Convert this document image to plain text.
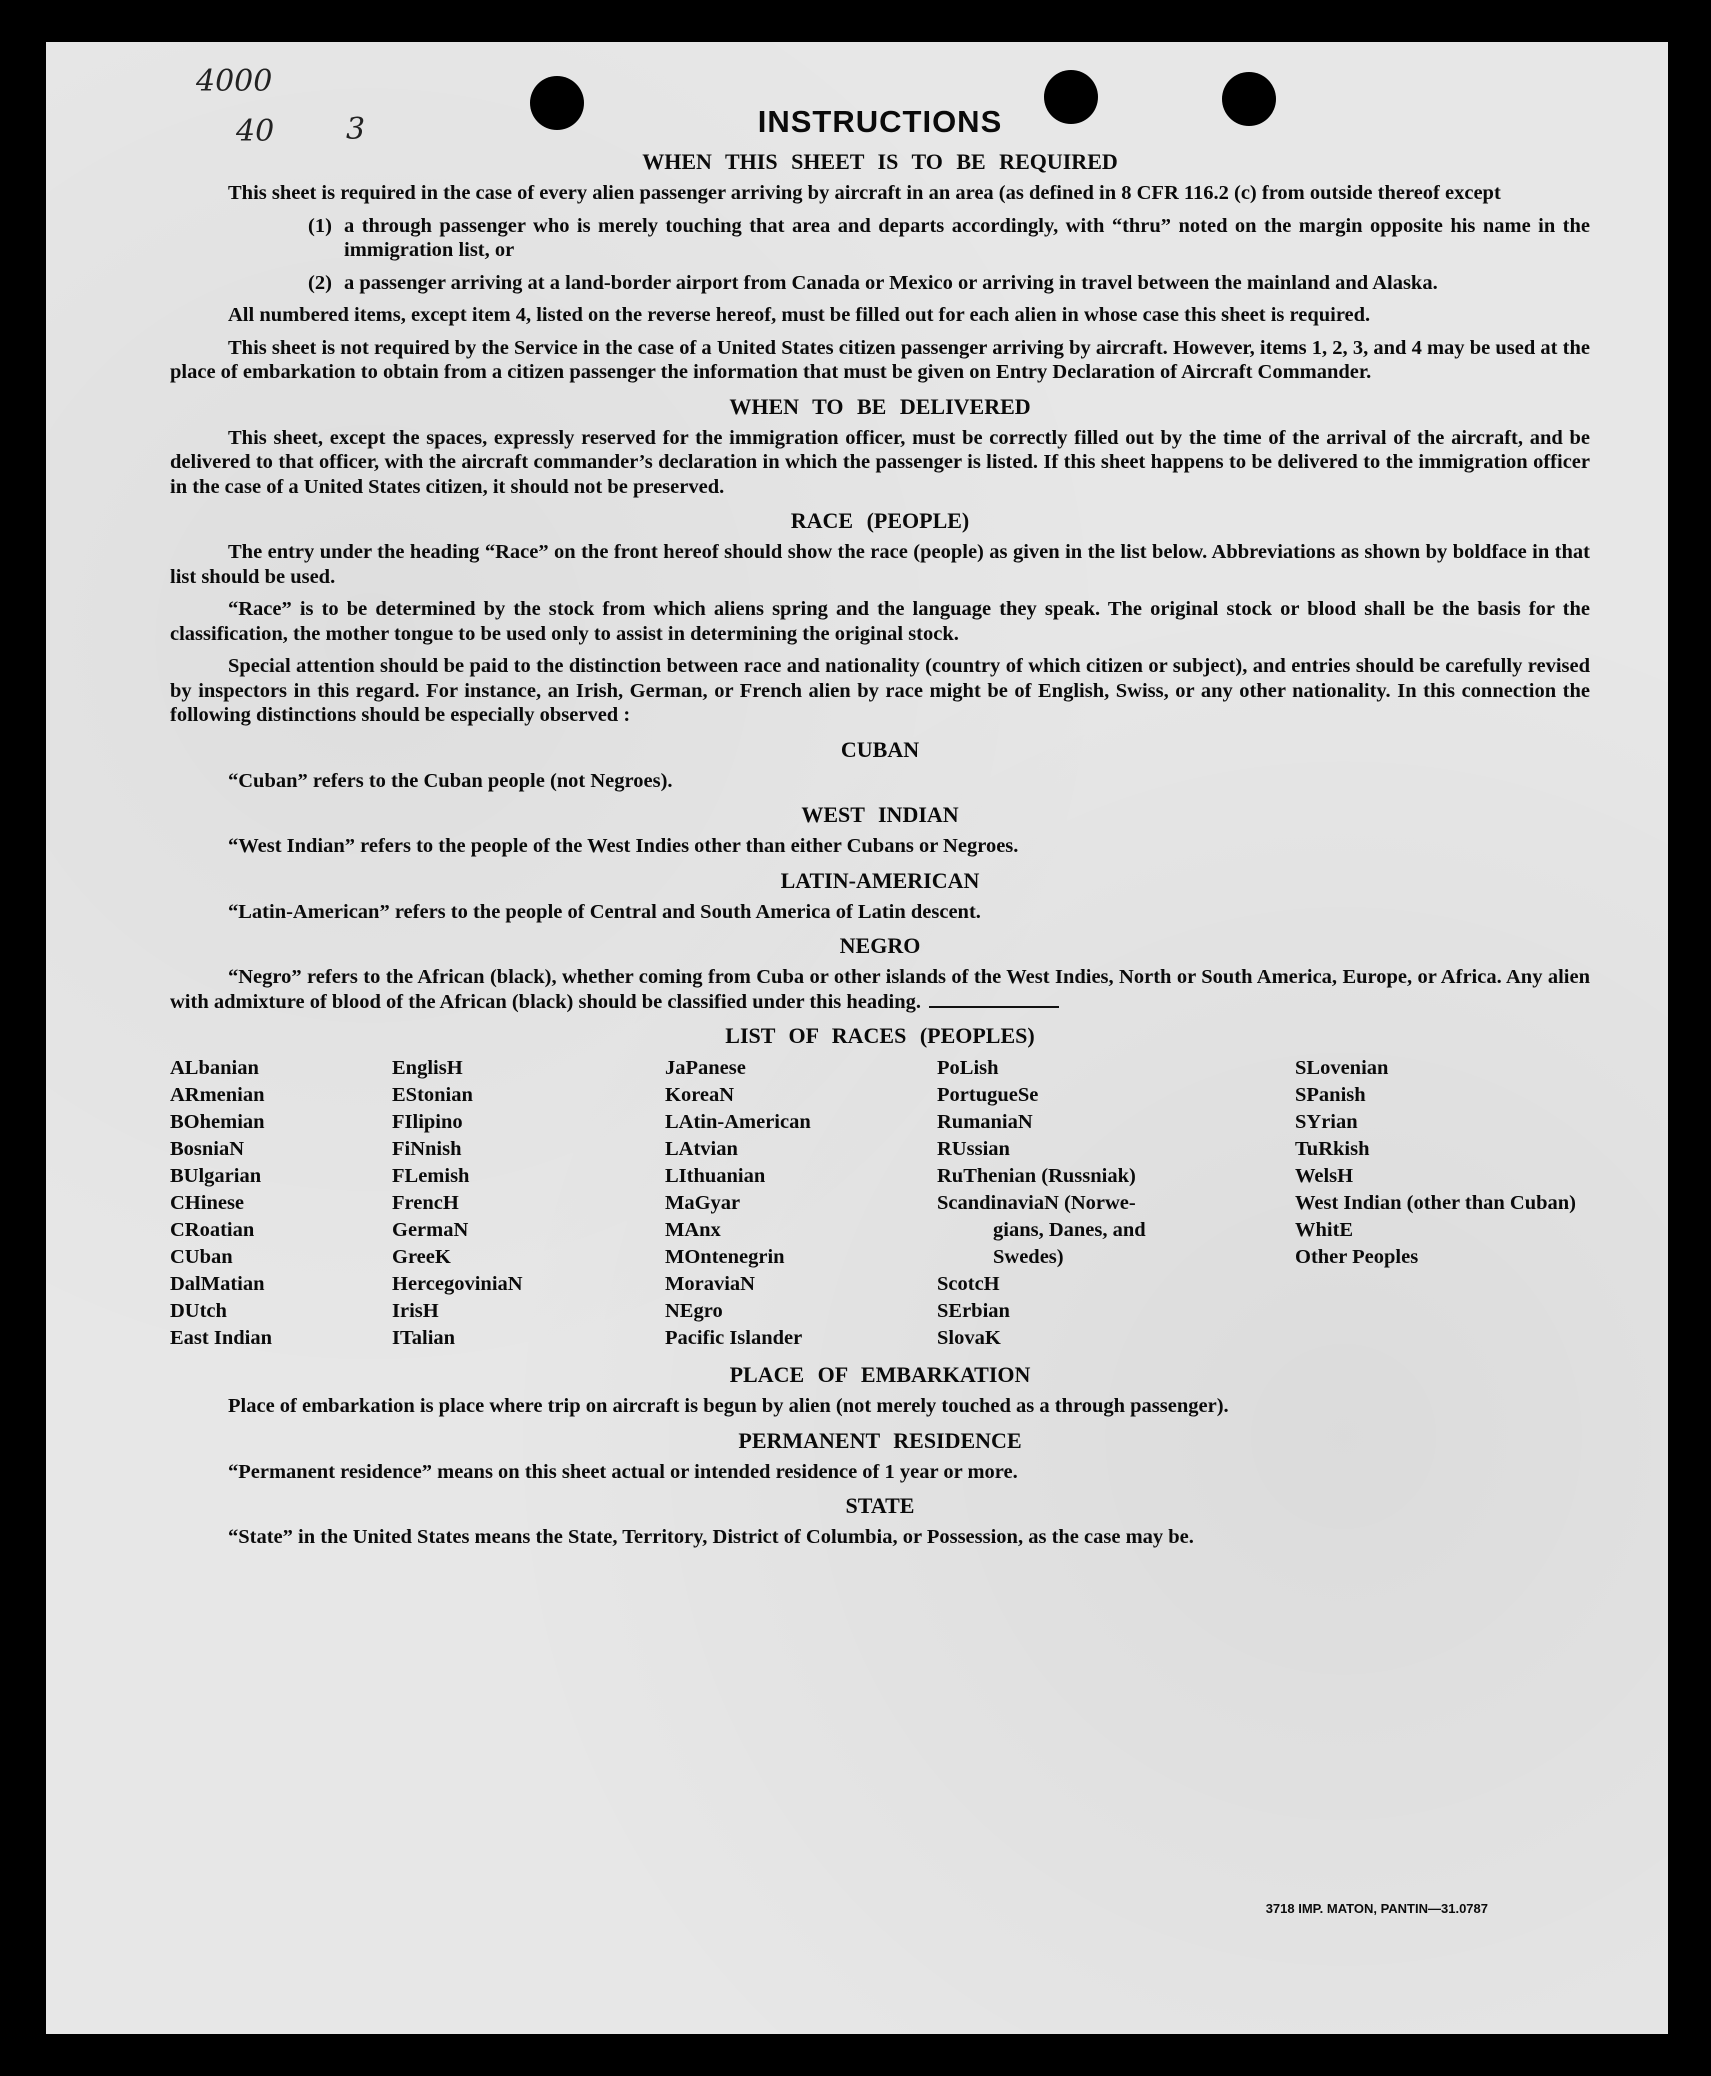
4000
40 3	INSTRUCTIONS
WHEN THIS SHEET IS TO BE REQUIRED

This sheet is required in the case of every alien passenger arriving by aircraft in an area (as defined in 8 CFR 116.2 (c) from outside thereof except

(1) a through passenger who is merely touching that area and departs accordingly, with “thru” noted on the margin opposite his name in the immigration list, or
(2) a passenger arriving at a land-border airport from Canada or Mexico or arriving in travel between the mainland and Alaska.

All numbered items, except item 4, listed on the reverse hereof, must be filled out for each alien in whose case this sheet is required.

This sheet is not required by the Service in the case of a United States citizen passenger arriving by aircraft. However, items 1, 2, 3, and 4 may be used at the place of embarkation to obtain from a citizen passenger the information that must be given on Entry Declaration of Aircraft Commander.

WHEN TO BE DELIVERED

This sheet, except the spaces, expressly reserved for the immigration officer, must be correctly filled out by the time of the arrival of the aircraft, and be delivered to that officer, with the aircraft commander’s declaration in which the passenger is listed. If this sheet happens to be delivered to the immigration officer in the case of a United States citizen, it should not be preserved.

RACE (PEOPLE)

The entry under the heading “Race” on the front hereof should show the race (people) as given in the list below. Abbreviations as shown by boldface in that list should be used.

“Race” is to be determined by the stock from which aliens spring and the language they speak. The original stock or blood shall be the basis for the classification, the mother tongue to be used only to assist in determining the original stock.

Special attention should be paid to the distinction between race and nationality (country of which citizen or subject), and entries should be carefully revised by inspectors in this regard. For instance, an Irish, German, or French alien by race might be of English, Swiss, or any other nationality. In this connection the following distinctions should be especially observed :

CUBAN

“Cuban” refers to the Cuban people (not Negroes).

WEST INDIAN

“West Indian” refers to the people of the West Indies other than either Cubans or Negroes.

LATIN-AMERICAN

“Latin-American” refers to the people of Central and South America of Latin descent.

NEGRO

“Negro” refers to the African (black), whether coming from Cuba or other islands of the West Indies, North or South America, Europe, or Africa. Any alien with admixture of blood of the African (black) should be classified under this heading.

LIST OF RACES (PEOPLES)
ALbanian
ARmenian
BOhemian
BosniaN
BUlgarian
CHinese
CRoatian
CUban
DalMatian
DUtch
East Indian
EnglisH
EStonian
FIlipino
FiNnish
FLemish
FrencH
GermaN
GreeK
HercegoviniaN
IrisH
ITalian
JaPanese
KoreaN
LAtin-American
LAtvian
LIthuanian
MaGyar
MAnx
MOntenegrin
MoraviaN
NEgro
Pacific Islander
PoLish
PortugueSe
RumaniaN
RUssian
RuThenian (Russniak)
ScandinaviaN (Norwe-
gians, Danes, and
Swedes)
ScotcH
SErbian
SlovaK
SLovenian
SPanish
SYrian
TuRkish
WelsH
West Indian (other than Cuban)
WhitE
Other Peoples
PLACE OF EMBARKATION

Place of embarkation is place where trip on aircraft is begun by alien (not merely touched as a through passenger).

PERMANENT RESIDENCE

“Permanent residence” means on this sheet actual or intended residence of 1 year or more.

STATE

“State” in the United States means the State, Territory, District of Columbia, or Possession, as the case may be.

3718 IMP. MATON, PANTIN—31.0787
